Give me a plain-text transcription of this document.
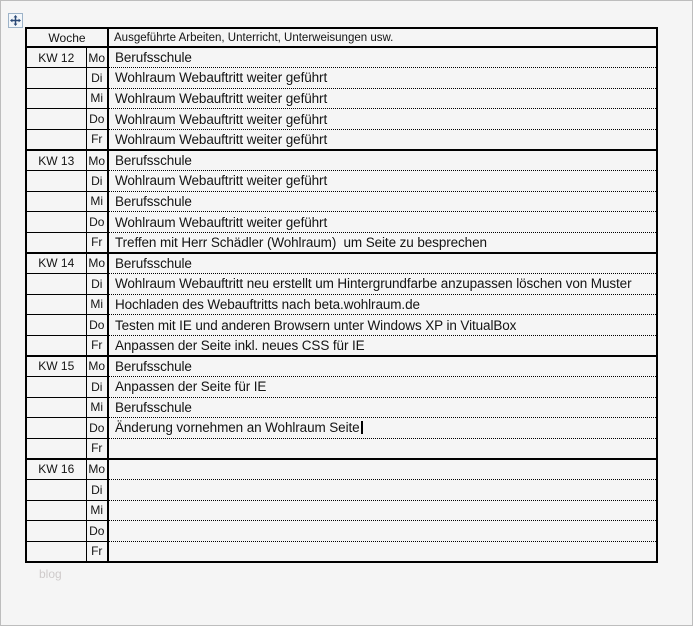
Woche		Ausgeführte Arbeiten, Unterricht, Unterweisungen usw.
KW 12	Mo	Berufsschule
	Di	Wohlraum Webauftritt weiter geführt
	Mi	Wohlraum Webauftritt weiter geführt
	Do	Wohlraum Webauftritt weiter geführt
	Fr	Wohlraum Webauftritt weiter geführt
KW 13	Mo	Berufsschule
	Di	Wohlraum Webauftritt weiter geführt
	Mi	Berufsschule
	Do	Wohlraum Webauftritt weiter geführt
	Fr	Treffen mit Herr Schädler (Wohlraum)  um Seite zu besprechen
KW 14	Mo	Berufsschule
	Di	Wohlraum Webauftritt neu erstellt um Hintergrundfarbe anzupassen löschen von Muster
	Mi	Hochladen des Webauftritts nach beta.wohlraum.de
	Do	Testen mit IE und anderen Browsern unter Windows XP in VitualBox
	Fr	Anpassen der Seite inkl. neues CSS für IE
KW 15	Mo	Berufsschule
	Di	Anpassen der Seite für IE
	Mi	Berufsschule
	Do	Änderung vornehmen an Wohlraum Seite
	Fr	
KW 16	Mo	
	Di	
	Mi	
	Do	
	Fr	
blog
